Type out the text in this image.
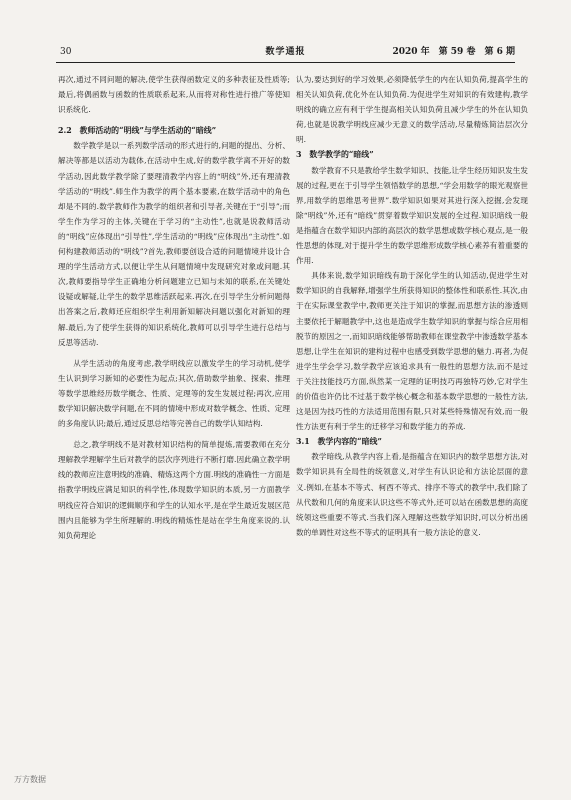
30	数学通报	2020 年　第 59 卷　第 6 期

再次,通过不同问题的解决,使学生获得函数定义的多种表征及性质等;最后,将偶函数与函数的性质联系起来,从而将对称性进行推广等使知识系统化.

2.2　教师活动的“明线”与学生活动的“暗线”

数学教学是以一系列数学活动的形式进行的,问题的提出、分析、解决等都是以活动为载体,在活动中生成,好的数学教学离不开好的数学活动,因此数学教学除了要理清教学内容上的“明线”外,还有理清教学活动的“明线”.师生作为教学的两个基本要素,在数学活动中的角色却是不同的.数学教师作为教学的组织者和引导者,关键在于“引导”;而学生作为学习的主体,关键在于学习的“主动性”,也就是说教师活动的“明线”应体现出“引导性”,学生活动的“明线”应体现出“主动性”.如何构建教师活动的“明线”?首先,教师要创设合适的问题情境并设计合理的学生活动方式,以便让学生从问题情境中发现研究对象或问题.其次,教师要指导学生正确地分析问题建立已知与未知的联系,在关键处设疑或解疑,让学生的数学思维活跃起来.再次,在引导学生分析问题得出答案之后,教师还应组织学生利用新知解决问题以强化对新知的理解.最后,为了使学生获得的知识系统化,教师可以引导学生进行总结与反思等活动.

从学生活动的角度考虑,教学明线应以激发学生的学习动机,使学生认识到学习新知的必要性为起点;其次,借助数学抽象、探索、推理等数学思维经历数学概念、性质、定理等的发生发展过程;再次,应用数学知识解决数学问题,在不同的情境中形成对数学概念、性质、定理的多角度认识;最后,通过反思总结等完善自己的数学认知结构.

总之,教学明线不是对教材知识结构的简单提炼,需要教师在充分理解教学理解学生后对教学的层次序列进行不断打磨.因此确立教学明线的教师应注意明线的准确、精炼这两个方面.明线的准确性一方面是指教学明线应满足知识的科学性,体现数学知识的本质,另一方面教学明线应符合知识的逻辑顺序和学生的认知水平,是在学生最近发展区范围内且能够为学生所理解的.明线的精炼性是站在学生角度来说的.认知负荷理论

认为,要达到好的学习效果,必须降低学生的内在认知负荷,提高学生的相关认知负荷,优化外在认知负荷.为促进学生对知识的有效建构,教学明线的确立应有利于学生提高相关认知负荷且减少学生的外在认知负荷,也就是说教学明线应减少无意义的数学活动,尽量精炼简洁层次分明.

3　数学教学的“暗线”

数学教育不只是教给学生数学知识、技能,让学生经历知识发生发展的过程,更在于引导学生领悟数学的思想,“学会用数学的眼光观察世界,用数学的思维思考世界”.数学知识如果对其进行深入挖掘,会发现除“明线”外,还有“暗线”贯穿着数学知识发展的全过程.知识暗线一般是指蕴含在数学知识内部的高层次的数学思想或数学核心观点,是一般性思想的体现,对于提升学生的数学思维形成数学核心素养有着重要的作用.

具体来说,数学知识暗线有助于深化学生的认知活动,促进学生对数学知识的自我解释,增强学生所获得知识的整体性和联系性.其次,由于在实际课堂教学中,教师更关注于知识的掌握,而思想方法的渗透则主要依托于解题教学中,这也是造成学生数学知识的掌握与综合应用相脱节的原因之一,而知识暗线能够帮助教师在课堂教学中渗透数学基本思想,让学生在知识的建构过程中也感受到数学思想的魅力.再者,为促进学生学会学习,数学教学应该追求具有一般性的思想方法,而不是过于关注技能技巧方面,纵然某一定理的证明技巧再独特巧妙,它对学生的价值也许仍比不过基于数学核心概念和基本数学思想的一般性方法,这是因为技巧性的方法适用范围有限,只对某些特殊情况有效,而一般性方法更有利于学生的迁移学习和数学能力的养成.

3.1　教学内容的“暗线”

教学暗线,从教学内容上看,是指蕴含在知识内的数学思想方法,对数学知识具有全局性的统领意义,对学生有认识论和方法论层面的意义.例如,在基本不等式、柯西不等式、排序不等式的教学中,我们除了从代数和几何的角度来认识这些不等式外,还可以站在函数思想的高度统领这些重要不等式.当我们深入理解这些数学知识时,可以分析出函数的单调性对这些不等式的证明具有一般方法论的意义.

万方数据
